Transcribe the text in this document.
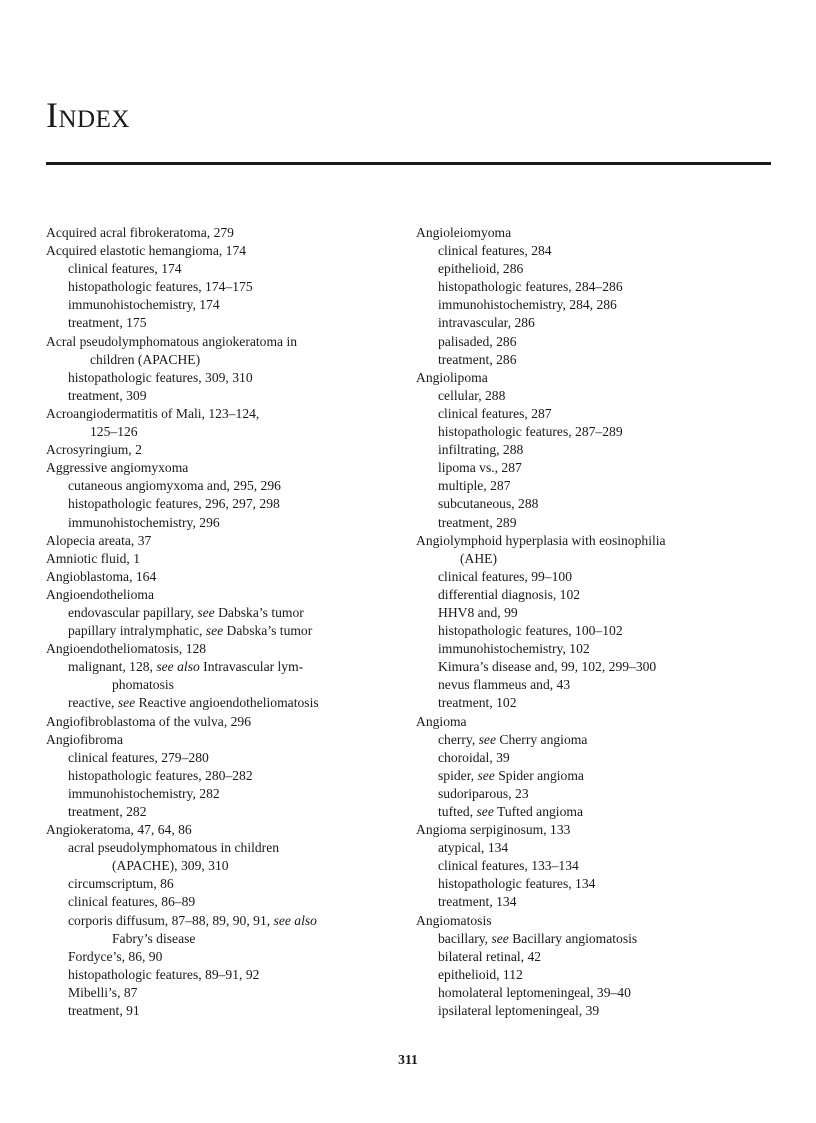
Index
Acquired acral fibrokeratoma, 279
Acquired elastotic hemangioma, 174
clinical features, 174
histopathologic features, 174–175
immunohistochemistry, 174
treatment, 175
Acral pseudolymphomatous angiokeratoma in
children (APACHE)
histopathologic features, 309, 310
treatment, 309
Acroangiodermatitis of Mali, 123–124,
125–126
Acrosyringium, 2
Aggressive angiomyxoma
cutaneous angiomyxoma and, 295, 296
histopathologic features, 296, 297, 298
immunohistochemistry, 296
Alopecia areata, 37
Amniotic fluid, 1
Angioblastoma, 164
Angioendothelioma
endovascular papillary, see Dabska’s tumor
papillary intralymphatic, see Dabska’s tumor
Angioendotheliomatosis, 128
malignant, 128, see also Intravascular lym-
phomatosis
reactive, see Reactive angioendotheliomatosis
Angiofibroblastoma of the vulva, 296
Angiofibroma
clinical features, 279–280
histopathologic features, 280–282
immunohistochemistry, 282
treatment, 282
Angiokeratoma, 47, 64, 86
acral pseudolymphomatous in children
(APACHE), 309, 310
circumscriptum, 86
clinical features, 86–89
corporis diffusum, 87–88, 89, 90, 91, see also
Fabry’s disease
Fordyce’s, 86, 90
histopathologic features, 89–91, 92
Mibelli’s, 87
treatment, 91
Angioleiomyoma
clinical features, 284
epithelioid, 286
histopathologic features, 284–286
immunohistochemistry, 284, 286
intravascular, 286
palisaded, 286
treatment, 286
Angiolipoma
cellular, 288
clinical features, 287
histopathologic features, 287–289
infiltrating, 288
lipoma vs., 287
multiple, 287
subcutaneous, 288
treatment, 289
Angiolymphoid hyperplasia with eosinophilia
(AHE)
clinical features, 99–100
differential diagnosis, 102
HHV8 and, 99
histopathologic features, 100–102
immunohistochemistry, 102
Kimura’s disease and, 99, 102, 299–300
nevus flammeus and, 43
treatment, 102
Angioma
cherry, see Cherry angioma
choroidal, 39
spider, see Spider angioma
sudoriparous, 23
tufted, see Tufted angioma
Angioma serpiginosum, 133
atypical, 134
clinical features, 133–134
histopathologic features, 134
treatment, 134
Angiomatosis
bacillary, see Bacillary angiomatosis
bilateral retinal, 42
epithelioid, 112
homolateral leptomeningeal, 39–40
ipsilateral leptomeningeal, 39
311
